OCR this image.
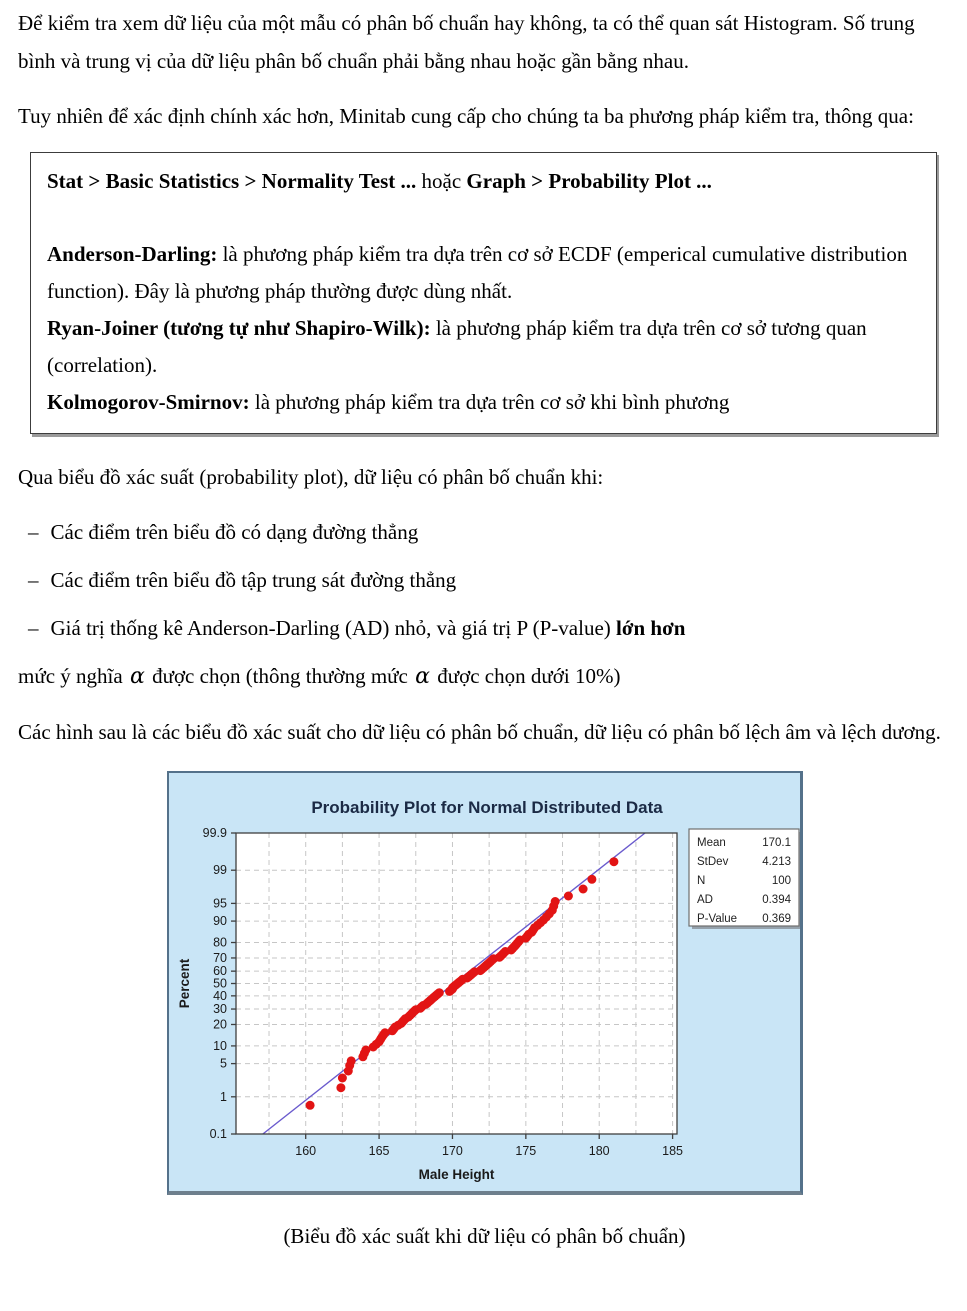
Để kiểm tra xem dữ liệu của một mẫu có phân bố chuẩn hay không, ta có thể quan sát Histogram. Số trung bình và trung vị của dữ liệu phân bố chuẩn phải bằng nhau hoặc gần bằng nhau.

Tuy nhiên để xác định chính xác hơn, Minitab cung cấp cho chúng ta ba phương pháp kiểm tra, thông qua:

Stat > Basic Statistics > Normality Test ... hoặc Graph > Probability Plot ...
Anderson-Darling: là phương pháp kiểm tra dựa trên cơ sở ECDF (emperical cumulative distribution function). Đây là phương pháp thường được dùng nhất.
Ryan-Joiner (tương tự như Shapiro-Wilk): là phương pháp kiểm tra dựa trên cơ sở tương quan (correlation).
Kolmogorov-Smirnov: là phương pháp kiểm tra dựa trên cơ sở khi bình phương

Qua biểu đồ xác suất (probability plot), dữ liệu có phân bố chuẩn khi:

– Các điểm trên biểu đồ có dạng đường thẳng
– Các điểm trên biểu đồ tập trung sát đường thẳng
– Giá trị thống kê Anderson-Darling (AD) nhỏ, và giá trị P (P-value) lớn hơn

mức ý nghĩa α được chọn (thông thường mức α được chọn dưới 10%)

Các hình sau là các biểu đồ xác suất cho dữ liệu có phân bố chuẩn, dữ liệu có phân bố lệch âm và lệch dương.

Probability Plot for Normal Distributed Data
160	165	170	175	180	185
0.1
1
5
10
20
30
40
50
60
70
80
90
95
99
99.9
Male Height
Percent
Mean	170.1
StDev	4.213
N	100
AD	0.394
P-Value 0.369

(Biểu đồ xác suất khi dữ liệu có phân bố chuẩn)
